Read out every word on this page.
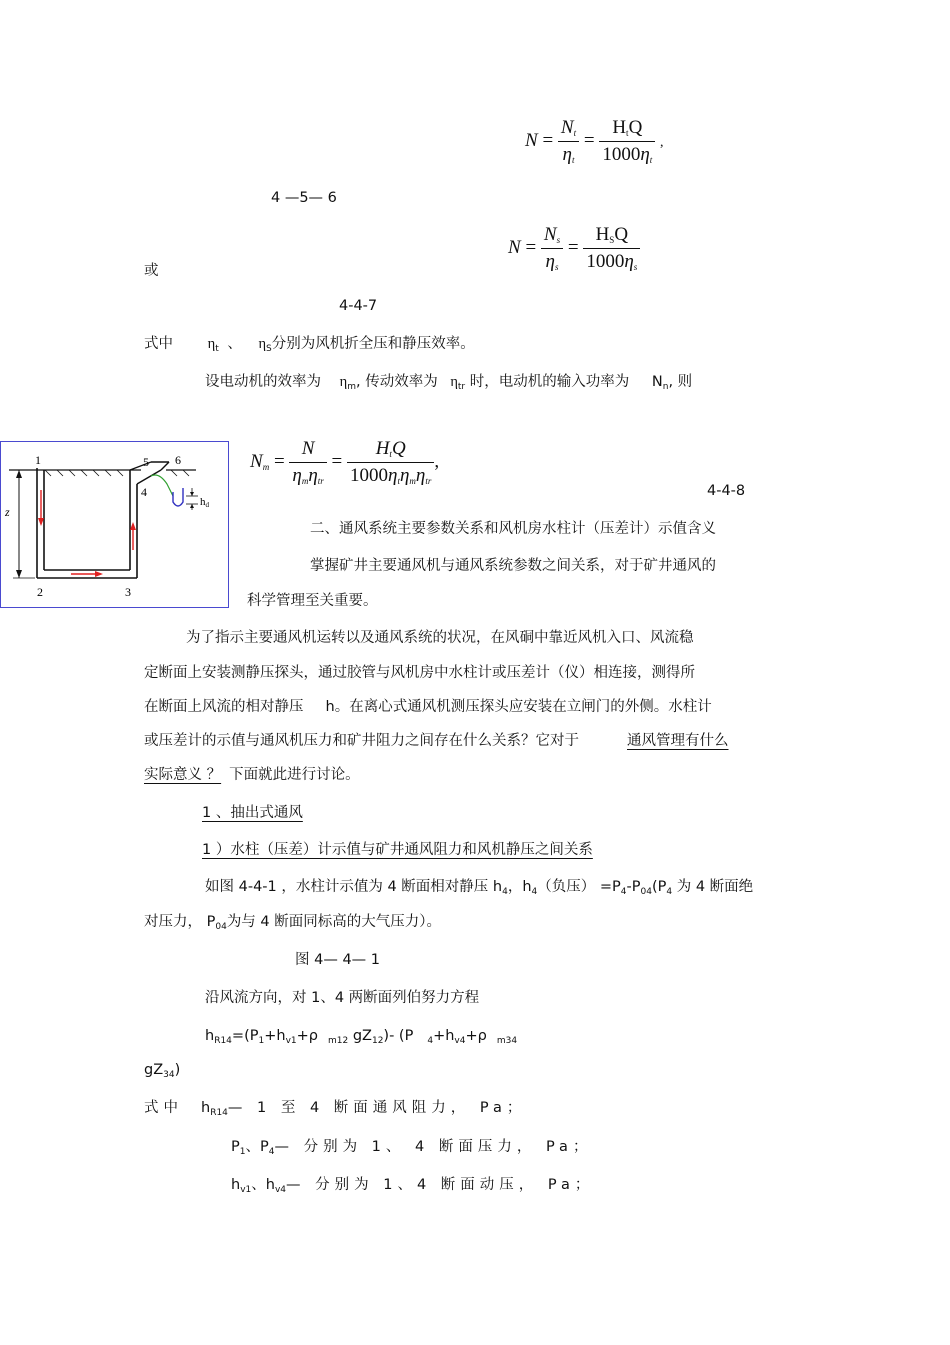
$N = \frac{N_t}{\eta_t} = \frac{H_tQ}{1000\eta_t}$ ,
4 —5— 6
或
$N = \frac{N_s}{\eta_s} = \frac{H_SQ}{1000\eta_s}$
4-4-7
式中 $\eta_t$ 、 $\eta_S$分别为风机折全压和静压效率。
设电动机的效率为 $\eta_m$, 传动效率为 $\eta_{tr}$ 时，电动机的输入功率为 $N_n$, 则
1
2	3
4
5 6
z
hd
$N_m = \frac{N}{\eta_m\eta_{tr}} = \frac{H_tQ}{1000\eta_t\eta_m\eta_{tr}}$ ,
4-4-8
二、通风系统主要参数关系和风机房水柱计（压差计）示值含义
掌握矿井主要通风机与通风系统参数之间关系，对于矿井通风的
科学管理至关重要。
为了指示主要通风机运转以及通风系统的状况，在风硐中靠近风机入口、风流稳
定断面上安装测静压探头，通过胶管与风机房中水柱计或压差计（仪）相连接，测得所
在断面上风流的相对静压 h。在离心式通风机测压探头应安装在立闸门的外侧。水柱计
或压差计的示值与通风机压力和矿井阻力之间存在什么关系？它对于	通风管理有什么
实际意义 ？ 下面就此进行讨论。
1 、抽出式通风
1 ）水柱（压差）计示值与矿井通风阻力和风机静压之间关系
如图 4-4-1 ，水柱计示值为 4 断面相对静压 $h_4$，$h_4$（负压） $=P_4-P_{04}(P_4$ 为 4 断面绝
对压力， $P_{04}$为与 4 断面同标高的大气压力）。
图 4— 4— 1
沿风流方向，对 1、4 两断面列伯努力方程
$h_{R14}=(P_1+h_{v1}+\rho$ $_{m12}$ $gZ_{12})-$ (P $_4+h_{v4}+\rho$ $_{m34}$
$gZ_{34}$)
式中 $h_{R14}—$ 1 至 4 断面通风阻力， Pa；
$P_1$、$P_4—$ 分别为 1、 4 断面压力， Pa；
$h_{v1}$、$h_{v4}—$ 分别为 1、4 断面动压， Pa；
